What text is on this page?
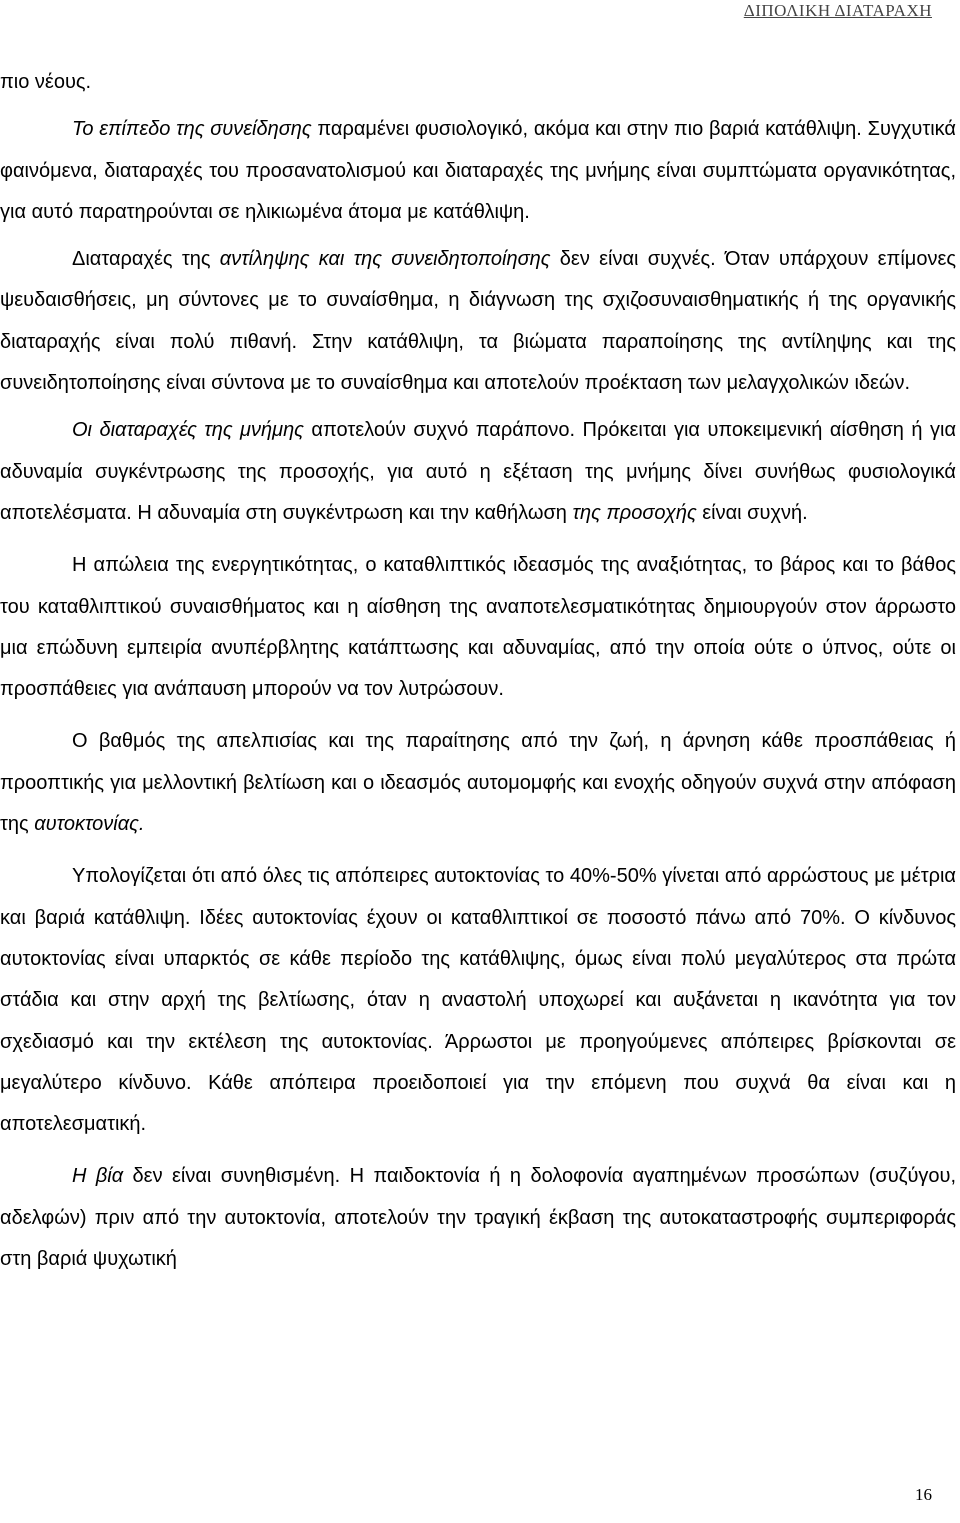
ΔΙΠΟΛΙΚΗ ΔΙΑΤΑΡΑΧΗ

πιο νέους.

Το επίπεδο της συνείδησης παραμένει φυσιολογικό, ακόμα και στην πιο βαριά κατάθλιψη. Συγχυτικά φαινόμενα, διαταραχές του προσανατολισμού και διαταραχές της μνήμης είναι συμπτώματα οργανικότητας, για αυτό παρατηρούνται σε ηλικιωμένα άτομα με κατάθλιψη.

Διαταραχές της αντίληψης και της συνειδητοποίησης δεν είναι συχνές. Όταν υπάρχουν επίμονες ψευδαισθήσεις, μη σύντονες με το συναίσθημα, η διάγνωση της σχιζοσυναισθηματικής ή της οργανικής διαταραχής είναι πολύ πιθανή. Στην κατάθλιψη, τα βιώματα παραποίησης της αντίληψης και της συνειδητοποίησης είναι σύντονα με το συναίσθημα και αποτελούν προέκταση των μελαγχολικών ιδεών.

Οι διαταραχές της μνήμης αποτελούν συχνό παράπονο. Πρόκειται για υποκειμενική αίσθηση ή για αδυναμία συγκέντρωσης της προσοχής, για αυτό η εξέταση της μνήμης δίνει συνήθως φυσιολογικά αποτελέσματα. Η αδυναμία στη συγκέντρωση και την καθήλωση της προσοχής είναι συχνή.

Η απώλεια της ενεργητικότητας, ο καταθλιπτικός ιδεασμός της αναξιότητας, το βάρος και το βάθος του καταθλιπτικού συναισθήματος και η αίσθηση της αναποτελεσματικότητας δημιουργούν στον άρρωστο μια επώδυνη εμπειρία ανυπέρβλητης κατάπτωσης και αδυναμίας, από την οποία ούτε ο ύπνος, ούτε οι προσπάθειες για ανάπαυση μπορούν να τον λυτρώσουν.

Ο βαθμός της απελπισίας και της παραίτησης από την ζωή, η άρνηση κάθε προσπάθειας ή προοπτικής για μελλοντική βελτίωση και ο ιδεασμός αυτομομφής και ενοχής οδηγούν συχνά στην απόφαση της αυτοκτονίας.

Υπολογίζεται ότι από όλες τις απόπειρες αυτοκτονίας το 40%-50% γίνεται από αρρώστους με μέτρια και βαριά κατάθλιψη. Ιδέες αυτοκτονίας έχουν οι καταθλιπτικοί σε ποσοστό πάνω από 70%. Ο κίνδυνος αυτοκτονίας είναι υπαρκτός σε κάθε περίοδο της κατάθλιψης, όμως είναι πολύ μεγαλύτερος στα πρώτα στάδια και στην αρχή της βελτίωσης, όταν η αναστολή υποχωρεί και αυξάνεται η ικανότητα για τον σχεδιασμό και την εκτέλεση της αυτοκτονίας. Άρρωστοι με προηγούμενες απόπειρες βρίσκονται σε μεγαλύτερο κίνδυνο. Κάθε απόπειρα προειδοποιεί για την επόμενη που συχνά θα είναι και η αποτελεσματική.

Η βία δεν είναι συνηθισμένη. Η παιδοκτονία ή η δολοφονία αγαπημένων προσώπων (συζύγου, αδελφών) πριν από την αυτοκτονία, αποτελούν την τραγική έκβαση της αυτοκαταστροφής συμπεριφοράς στη βαριά ψυχωτική

16
